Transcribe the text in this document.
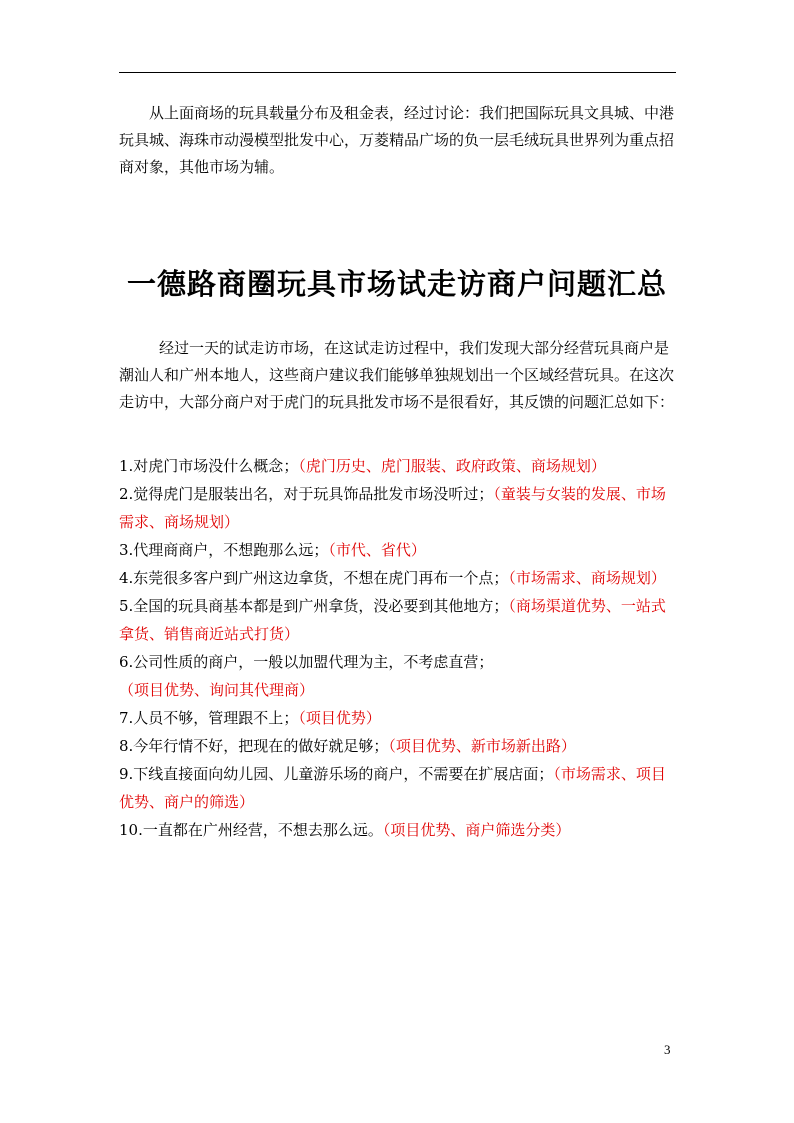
从上面商场的玩具载量分布及租金表，经过讨论：我们把国际玩具文具城、中港玩具城、海珠市动漫模型批发中心，万菱精品广场的负一层毛绒玩具世界列为重点招商对象，其他市场为辅。

一德路商圈玩具市场试走访商户问题汇总

经过一天的试走访市场，在这试走访过程中，我们发现大部分经营玩具商户是潮汕人和广州本地人，这些商户建议我们能够单独规划出一个区域经营玩具。在这次走访中，大部分商户对于虎门的玩具批发市场不是很看好，其反馈的问题汇总如下：

1.对虎门市场没什么概念；（虎门历史、虎门服装、政府政策、商场规划）
2.觉得虎门是服装出名，对于玩具饰品批发市场没听过；（童装与女装的发展、市场需求、商场规划）
3.代理商商户，不想跑那么远；（市代、省代）
4.东莞很多客户到广州这边拿货，不想在虎门再布一个点；（市场需求、商场规划）
5.全国的玩具商基本都是到广州拿货，没必要到其他地方；（商场渠道优势、一站式拿货、销售商近站式打货）
6.公司性质的商户，一般以加盟代理为主，不考虑直营；（项目优势、询问其代理商）
7.人员不够，管理跟不上；（项目优势）
8.今年行情不好，把现在的做好就足够；（项目优势、新市场新出路）
9.下线直接面向幼儿园、儿童游乐场的商户，不需要在扩展店面；（市场需求、项目优势、商户的筛选）
10.一直都在广州经营，不想去那么远。（项目优势、商户筛选分类）
3
